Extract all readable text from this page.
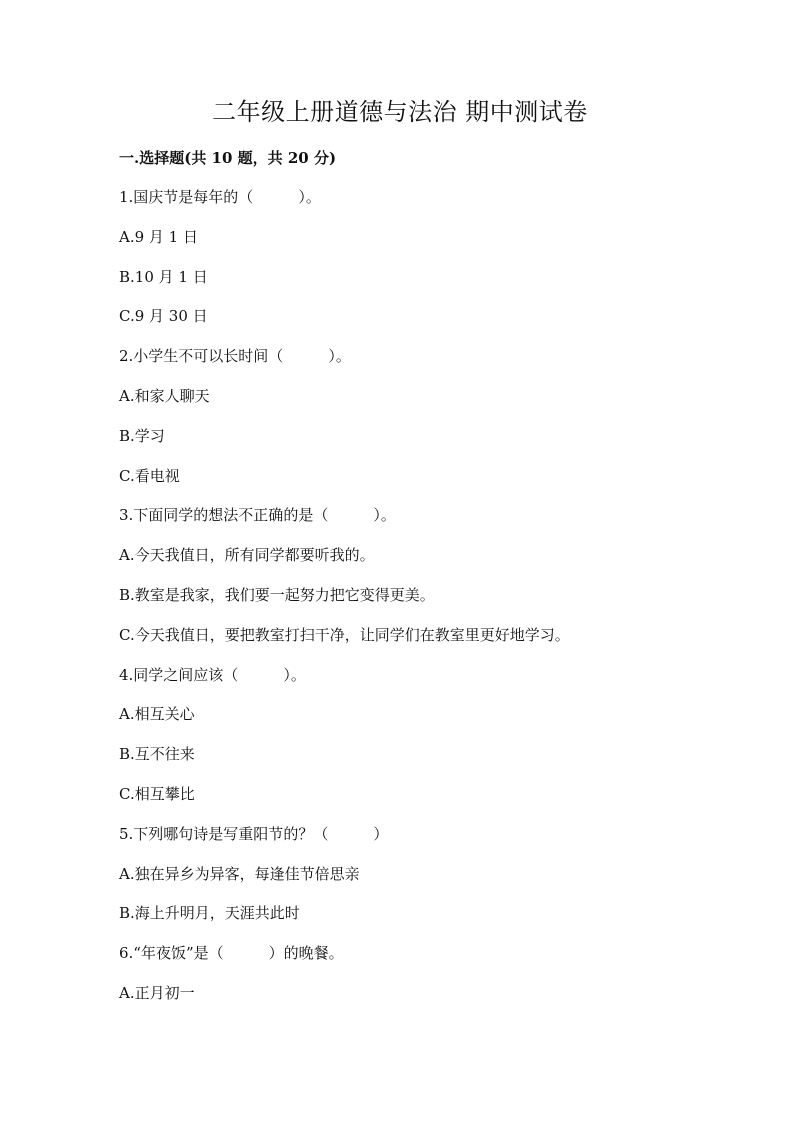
二年级上册道德与法治 期中测试卷
一.选择题(共 10 题，共 20 分)
1.国庆节是每年的（　　　）。
A.9 月 1 日
B.10 月 1 日
C.9 月 30 日
2.小学生不可以长时间（　　　）。
A.和家人聊天
B.学习
C.看电视
3.下面同学的想法不正确的是（　　　）。
A.今天我值日，所有同学都要听我的。
B.教室是我家，我们要一起努力把它变得更美。
C.今天我值日，要把教室打扫干净，让同学们在教室里更好地学习。
4.同学之间应该（　　　）。
A.相互关心
B.互不往来
C.相互攀比
5.下列哪句诗是写重阳节的？（　　　）
A.独在异乡为异客，每逢佳节倍思亲
B.海上升明月，天涯共此时
6.“年夜饭”是（　　　）的晚餐。
A.正月初一
